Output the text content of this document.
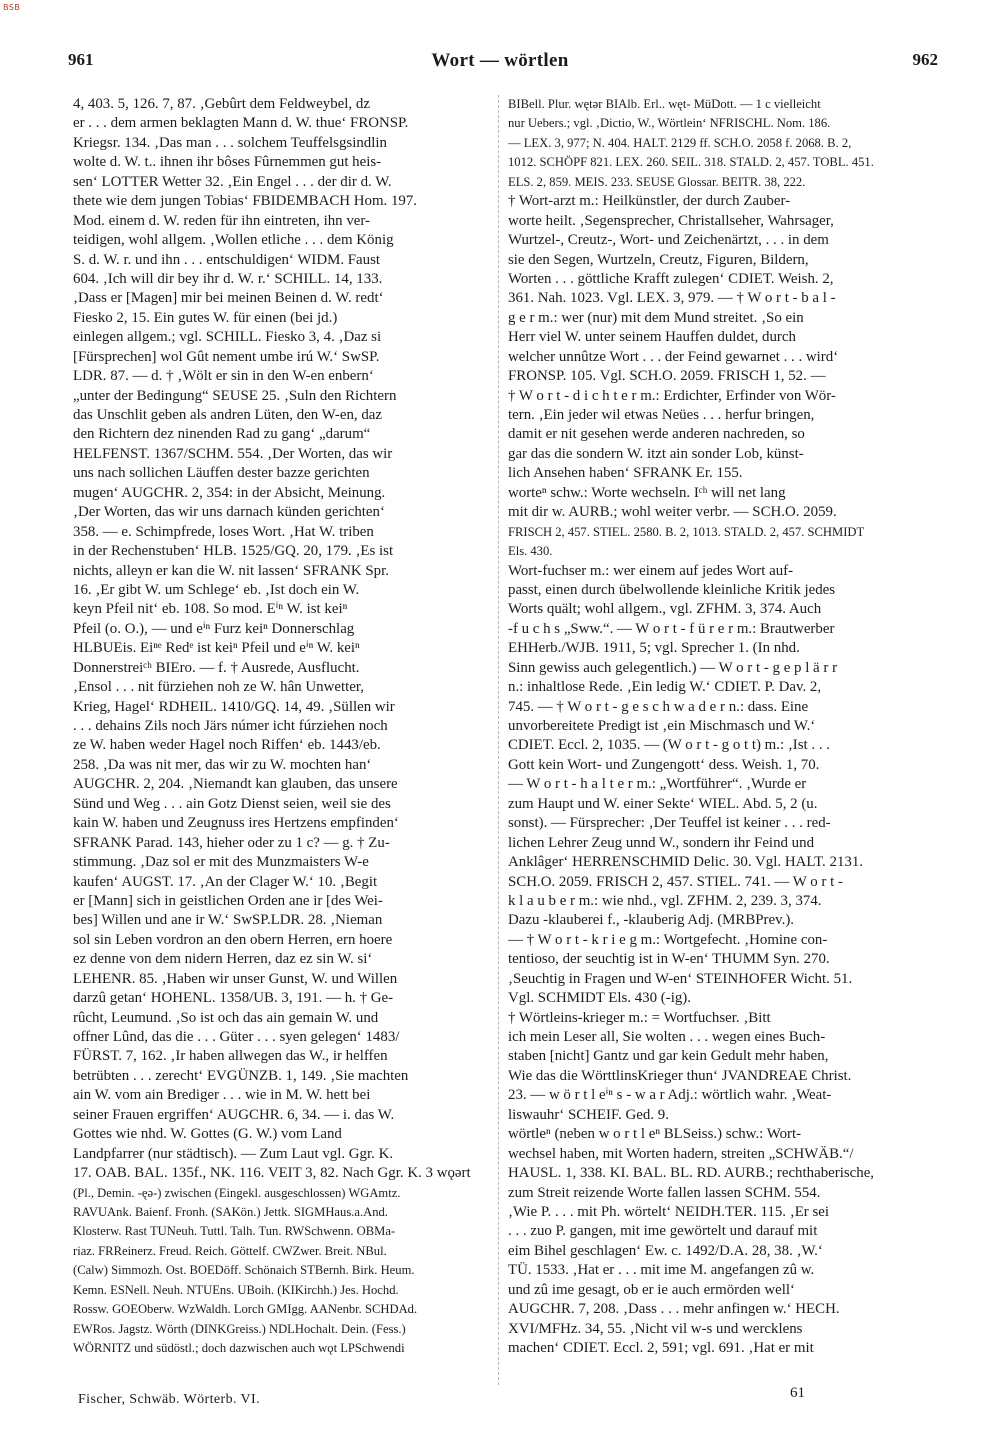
BSB
961	Wort — wörtlen	962
4, 403. 5, 126. 7, 87. ‚Gebûrt dem Feldweybel, dz
er . . . dem armen beklagten Mann d. W. thue‘ FRONSP.
Kriegsr. 134. ‚Das man . . . solchem Teuffelsgsindlin
wolte d. W. t.. ihnen ihr bôses Fûrnemmen gut heis-
sen‘ LOTTER Wetter 32. ‚Ein Engel . . . der dir d. W.
thete wie dem jungen Tobias‘ FBIDEMBACH Hom. 197.
Mod. einem d. W. reden für ihn eintreten, ihn ver-
teidigen, wohl allgem. ‚Wollen etliche . . . dem König
S. d. W. r. und ihn . . . entschuldigen‘ WIDM. Faust
604. ‚Ich will dir bey ihr d. W. r.‘ SCHILL. 14, 133.
‚Dass er [Magen] mir bei meinen Beinen d. W. redt‘
Fiesko 2, 15. Ein gutes W. für einen (bei jd.)
einlegen allgem.; vgl. SCHILL. Fiesko 3, 4. ‚Daz si
[Fürsprechen] wol Gût nement umbe irú W.‘ SwSP.
LDR. 87. — d. † ‚Wölt er sin in den W-en enbern‘
„unter der Bedingung“ SEUSE 25. ‚Suln den Richtern
das Unschlit geben als andren Lüten, den W-en, daz
den Richtern dez ninenden Rad zu gang‘ „darum“
HELFENST. 1367/SCHM. 554. ‚Der Worten, das wir
uns nach sollichen Läuffen dester bazze gerichten
mugen‘ AUGCHR. 2, 354: in der Absicht, Meinung.
‚Der Worten, das wir uns darnach künden gerichten‘
358. — e. Schimpfrede, loses Wort. ‚Hat W. triben
in der Rechenstuben‘ HLB. 1525/GQ. 20, 179. ‚Es ist
nichts, alleyn er kan die W. nit lassen‘ SFRANK Spr.
16. ‚Er gibt W. um Schlege‘ eb. ‚Ist doch ein W.
keyn Pfeil nit‘ eb. 108. So mod. Eⁱⁿ W. ist keiⁿ
Pfeil (o. O.), — und eⁱⁿ Furz keiⁿ Donnerschlag
HLBUEis. Eiⁿᵉ Redᵉ ist keiⁿ Pfeil und eⁱⁿ W. keiⁿ
Donnerstreiᶜʰ BIEro. — f. † Ausrede, Ausflucht.
‚Ensol . . . nit fürziehen noh ze W. hân Unwetter,
Krieg, Hagel‘ RDHEIL. 1410/GQ. 14, 49. ‚Süllen wir
. . . dehains Zils noch Järs númer icht fúrziehen noch
ze W. haben weder Hagel noch Riffen‘ eb. 1443/eb.
258. ‚Da was nit mer, das wir zu W. mochten han‘
AUGCHR. 2, 204. ‚Niemandt kan glauben, das unsere
Sünd und Weg . . . ain Gotz Dienst seien, weil sie des
kain W. haben und Zeugnuss ires Hertzens empfinden‘
SFRANK Parad. 143, hieher oder zu 1 c? — g. † Zu-
stimmung. ‚Daz sol er mit des Munzmaisters W-e
kaufen‘ AUGST. 17. ‚An der Clager W.‘ 10. ‚Begit
er [Mann] sich in geistlichen Orden ane ir [des Wei-
bes] Willen und ane ir W.‘ SwSP.LDR. 28. ‚Nieman
sol sin Leben vordron an den obern Herren, ern hoere
ez denne von dem nidern Herren, daz ez sin W. si‘
LEHENR. 85. ‚Haben wir unser Gunst, W. und Willen
darzû getan‘ HOHENL. 1358/UB. 3, 191. — h. † Ge-
rûcht, Leumund. ‚So ist och das ain gemain W. und
offner Lûnd, das die . . . Güter . . . syen gelegen‘ 1483/
FÜRST. 7, 162. ‚Ir haben allwegen das W., ir helffen
betrübten . . . zerecht‘ EVGÜNZB. 1, 149. ‚Sie machten
ain W. vom ain Brediger . . . wie in M. W. hett bei
seiner Frauen ergriffen‘ AUGCHR. 6, 34. — i. das W.
Gottes wie nhd. W. Gottes (G. W.) vom Land
Landpfarrer (nur städtisch). — Zum Laut vgl. Ggr. K.
17. OAB. BAL. 135f., NK. 116. VEIT 3, 82. Nach Ggr. K. 3 wǫərt
(Pl., Demin. -ęə-) zwischen (Eingekl. ausgeschlossen) WGAmtz.
RAVUAnk. Baienf. Fronh. (SAKön.) Jettk. SIGMHaus.a.And.
Klosterw. Rast TUNeuh. Tuttl. Talh. Tun. RWSchwenn. OBMa-
riaz. FRReinerz. Freud. Reich. Göttelf. CWZwer. Breit. NBul.
(Calw) Simmozh. Ost. BOEDöff. Schönaich STBernh. Birk. Heum.
Kemn. ESNell. Neuh. NTUEns. UBoih. (KIKirchh.) Jes. Hochd.
Rossw. GOEOberw. WzWaldh. Lorch GMIgg. AANenbr. SCHDAd.
EWRos. Jagstz. Wörth (DINKGreiss.) NDLHochalt. Dein. (Fess.)
WÖRNITZ und südöstl.; doch dazwischen auch wǫt LPSchwendi
BIBell. Plur. wętər BIAlb. Erl.. węt- MüDott. — 1 c vielleicht
nur Uebers.; vgl. ‚Dictio, W., Wörtlein‘ NFRISCHL. Nom. 186.
— LEX. 3, 977; N. 404. HALT. 2129 ff. SCH.O. 2058 f. 2068. B. 2,
1012. SCHÖPF 821. LEX. 260. SEIL. 318. STALD. 2, 457. TOBL. 451.
ELS. 2, 859. MEIS. 233. SEUSE Glossar. BEITR. 38, 222.
† Wort-arzt m.: Heilkünstler, der durch Zauber-
worte heilt. ‚Segensprecher, Christallseher, Wahrsager,
Wurtzel-, Creutz-, Wort- und Zeichenärtzt, . . . in dem
sie den Segen, Wurtzeln, Creutz, Figuren, Bildern,
Worten . . . göttliche Krafft zulegen‘ CDIET. Weish. 2,
361. Nah. 1023. Vgl. LEX. 3, 979. — † W o r t - b a l -
g e r m.: wer (nur) mit dem Mund streitet. ‚So ein
Herr viel W. unter seinem Hauffen duldet, durch
welcher unnûtze Wort . . . der Feind gewarnet . . . wird‘
FRONSP. 105. Vgl. SCH.O. 2059. FRISCH 1, 52. —
† W o r t - d i c h t e r m.: Erdichter, Erfinder von Wör-
tern. ‚Ein jeder wil etwas Neües . . . herfur bringen,
damit er nit gesehen werde anderen nachreden, so
gar das die sondern W. itzt ain sonder Lob, künst-
lich Ansehen haben‘ SFRANK Er. 155.
worteⁿ schw.: Worte wechseln. Iᶜʰ will net lang
mit dir w. AURB.; wohl weiter verbr. — SCH.O. 2059.
FRISCH 2, 457. STIEL. 2580. B. 2, 1013. STALD. 2, 457. SCHMIDT
Els. 430.
Wort-fuchser m.: wer einem auf jedes Wort auf-
passt, einen durch übelwollende kleinliche Kritik jedes
Worts quält; wohl allgem., vgl. ZFHM. 3, 374. Auch
-f u c h s „Sww.“. — W o r t - f ü r e r m.: Brautwerber
EHHerb./WJB. 1911, 5; vgl. Sprecher 1. (In nhd.
Sinn gewiss auch gelegentlich.) — W o r t - g e p l ä r r
n.: inhaltlose Rede. ‚Ein ledig W.‘ CDIET. P. Dav. 2,
745. — † W o r t - g e s c h w a d e r n.: dass. Eine
unvorbereitete Predigt ist ‚ein Mischmasch und W.‘
CDIET. Eccl. 2, 1035. — (W o r t - g o t t) m.: ‚Ist . . .
Gott kein Wort- und Zungengott‘ dess. Weish. 1, 70.
— W o r t - h a l t e r m.: „Wortführer“. ‚Wurde er
zum Haupt und W. einer Sekte‘ WIEL. Abd. 5, 2 (u.
sonst). — Fürsprecher: ‚Der Teuffel ist keiner . . . red-
lichen Lehrer Zeug unnd W., sondern ihr Feind und
Anklâger‘ HERRENSCHMID Delic. 30. Vgl. HALT. 2131.
SCH.O. 2059. FRISCH 2, 457. STIEL. 741. — W o r t -
k l a u b e r m.: wie nhd., vgl. ZFHM. 2, 239. 3, 374.
Dazu -klauberei f., -klauberig Adj. (MRBPrev.).
— † W o r t - k r i e g m.: Wortgefecht. ‚Homine con-
tentioso, der seuchtig ist in W-en‘ THUMM Syn. 270.
‚Seuchtig in Fragen und W-en‘ STEINHOFER Wicht. 51.
Vgl. SCHMIDT Els. 430 (-ig).
† Wörtleins-krieger m.: = Wortfuchser. ‚Bitt
ich mein Leser all, Sie wolten . . . wegen eines Buch-
staben [nicht] Gantz und gar kein Gedult mehr haben,
Wie das die WörttlinsKrieger thun‘ JVANDREAE Christ.
23. — w ö r t l eⁱⁿ s - w a r Adj.: wörtlich wahr. ‚Weat-
liswauhr‘ SCHEIF. Ged. 9.
wörtleⁿ (neben w o r t l eⁿ BLSeiss.) schw.: Wort-
wechsel haben, mit Worten hadern, streiten „SCHWÄB.“/
HAUSL. 1, 338. KI. BAL. BL. RD. AURB.; rechthaberische,
zum Streit reizende Worte fallen lassen SCHM. 554.
‚Wie P. . . . mit Ph. wörtelt‘ NEIDH.TER. 115. ‚Er sei
. . . zuo P. gangen, mit ime gewörtelt und darauf mit
eim Bihel geschlagen‘ Ew. c. 1492/D.A. 28, 38. ‚W.‘
TÜ. 1533. ‚Hat er . . . mit ime M. angefangen zû w.
und zû ime gesagt, ob er ie auch ermörden well‘
AUGCHR. 7, 208. ‚Dass . . . mehr anfingen w.‘ HECH.
XVI/MFHz. 34, 55. ‚Nicht vil w-s und wercklens
machen‘ CDIET. Eccl. 2, 591; vgl. 691. ‚Hat er mit
Fischer, Schwäb. Wörterb. VI.	61
